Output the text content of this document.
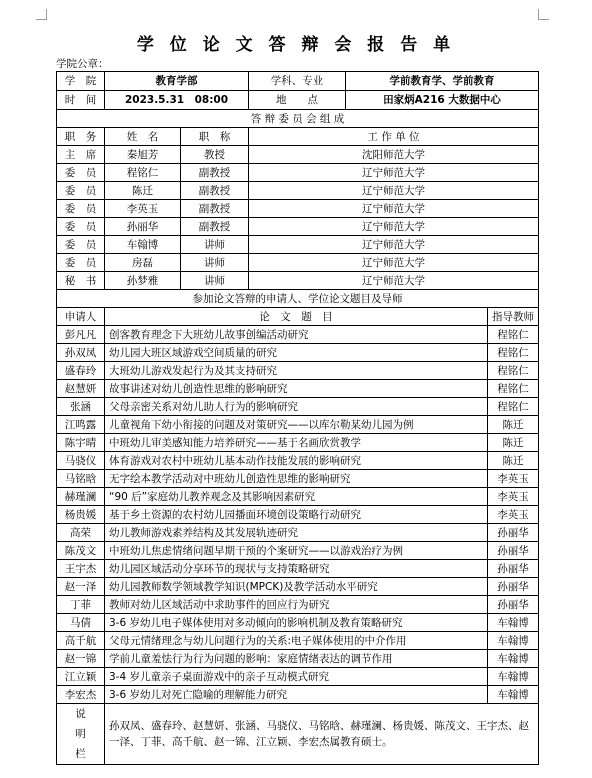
学 位 论 文 答 辩 会 报 告 单
学院公章：
学　院	教育学部		学科、专业	学前教育学、学前教育	
时　间	2023.5.31　08:00		地　　点	田家炳A216 大数据中心	
答 辩 委 员 会 组 成					
职　务	姓　名	职　称	工 作 单 位		
主　席	秦旭芳	教授	沈阳师范大学		
委　员	程铭仁	副教授	辽宁师范大学		
委　员	陈迁	副教授	辽宁师范大学		
委　员	李英玉	副教授	辽宁师范大学		
委　员	孙丽华	副教授	辽宁师范大学		
委　员	车翰博	讲师	辽宁师范大学		
委　员	房磊	讲师	辽宁师范大学		
秘　书	孙梦雅	讲师	辽宁师范大学		
参加论文答辩的申请人、学位论文题目及导师					
申请人	论　文　题　目				指导教师
彭凡凡	创客教育理念下大班幼儿故事创编活动研究				程铭仁
孙双凤	幼儿园大班区域游戏空间质量的研究				程铭仁
盛春玲	大班幼儿游戏发起行为及其支持研究				程铭仁
赵慧妍	故事讲述对幼儿创造性思维的影响研究				程铭仁
张涵	父母亲密关系对幼儿助人行为的影响研究				程铭仁
江鸣露	儿童视角下幼小衔接的问题及对策研究——以库尔勒某幼儿园为例				陈迁
陈宇晴	中班幼儿审美感知能力培养研究——基于名画欣赏教学				陈迁
马骁仪	体育游戏对农村中班幼儿基本动作技能发展的影响研究				陈迁
马铭晗	无字绘本教学活动对中班幼儿创造性思维的影响研究				李英玉
赫瑾澜	“90 后”家庭幼儿教养观念及其影响因素研究				李英玉
杨贵媛	基于乡土资源的农村幼儿园播面环境创设策略行动研究				李英玉
高荣	幼儿教师游戏素养结构及其发展轨迹研究				孙丽华
陈茂文	中班幼儿焦虑情绪问题早期干预的个案研究——以游戏治疗为例				孙丽华
王宇杰	幼儿园区域活动分享环节的现状与支持策略研究				孙丽华
赵一泽	幼儿园教师数学领域教学知识(MPCK)及教学活动水平研究				孙丽华
丁菲	教师对幼儿区域活动中求助事件的回应行为研究				孙丽华
马倩	3-6 岁幼儿电子媒体使用对多动倾向的影响机制及教育策略研究				车翰博
高千航	父母元情绪理念与幼儿问题行为的关系:电子媒体使用的中介作用				车翰博
赵一锦	学前儿童羞怯行为行为问题的影响：家庭情绪表达的调节作用				车翰博
江立颖	3-4 岁儿童亲子桌面游戏中的亲子互动模式研究				车翰博
李宏杰	3-6 岁幼儿对死亡隐喻的理解能力研究				车翰博

说
明
栏	孙双凤、盛春玲、赵慧妍、张涵、马骁仪、马铭晗、赫瑾澜、杨贵媛、陈茂文、王宇杰、赵一泽、丁菲、高千航、赵一锦、江立颖、李宏杰属教育硕士。				
